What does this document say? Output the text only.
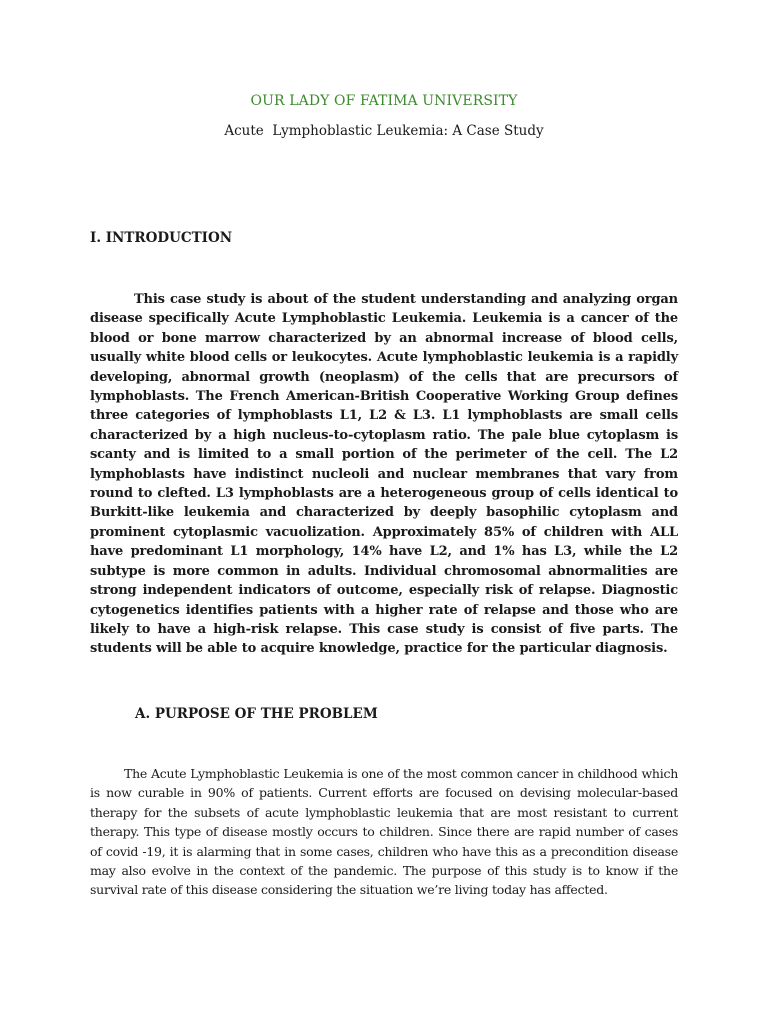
OUR LADY OF FATIMA UNIVERSITY
Acute  Lymphoblastic Leukemia: A Case Study
I. INTRODUCTION

This case study is about of the student understanding and analyzing organ disease specifically Acute Lymphoblastic Leukemia. Leukemia is a cancer of the blood or bone marrow characterized by an abnormal increase of blood cells, usually white blood cells or leukocytes. Acute lymphoblastic leukemia is a rapidly developing, abnormal growth (neoplasm) of the cells that are precursors of lymphoblasts. The French American-British Cooperative Working Group defines three categories of lymphoblasts L1, L2 & L3. L1 lymphoblasts are small cells characterized by a high nucleus-to-cytoplasm ratio. The pale blue cytoplasm is scanty and is limited to a small portion of the perimeter of the cell. The L2 lymphoblasts have indistinct nucleoli and nuclear membranes that vary from round to clefted. L3 lymphoblasts are a heterogeneous group of cells identical to Burkitt-like leukemia and characterized by deeply basophilic cytoplasm and prominent cytoplasmic vacuolization. Approximately 85% of children with ALL have predominant L1 morphology, 14% have L2, and 1% has L3, while the L2 subtype is more common in adults. Individual chromosomal abnormalities are strong independent indicators of outcome, especially risk of relapse. Diagnostic cytogenetics identifies patients with a higher rate of relapse and those who are likely to have a high-risk relapse. This case study is consist of five parts. The students will be able to acquire knowledge, practice for the particular diagnosis.

A. PURPOSE OF THE PROBLEM

The Acute Lymphoblastic Leukemia is one of the most common cancer in childhood which is now curable in 90% of patients. Current efforts are focused on devising molecular-based therapy for the subsets of acute lymphoblastic leukemia that are most resistant to current therapy. This type of disease mostly occurs to children. Since there are rapid number of cases of covid -19, it is alarming that in some cases, children who have this as a precondition disease may also evolve in the context of the pandemic. The purpose of this study is to know if the survival rate of this disease considering the situation we’re living today has affected.
